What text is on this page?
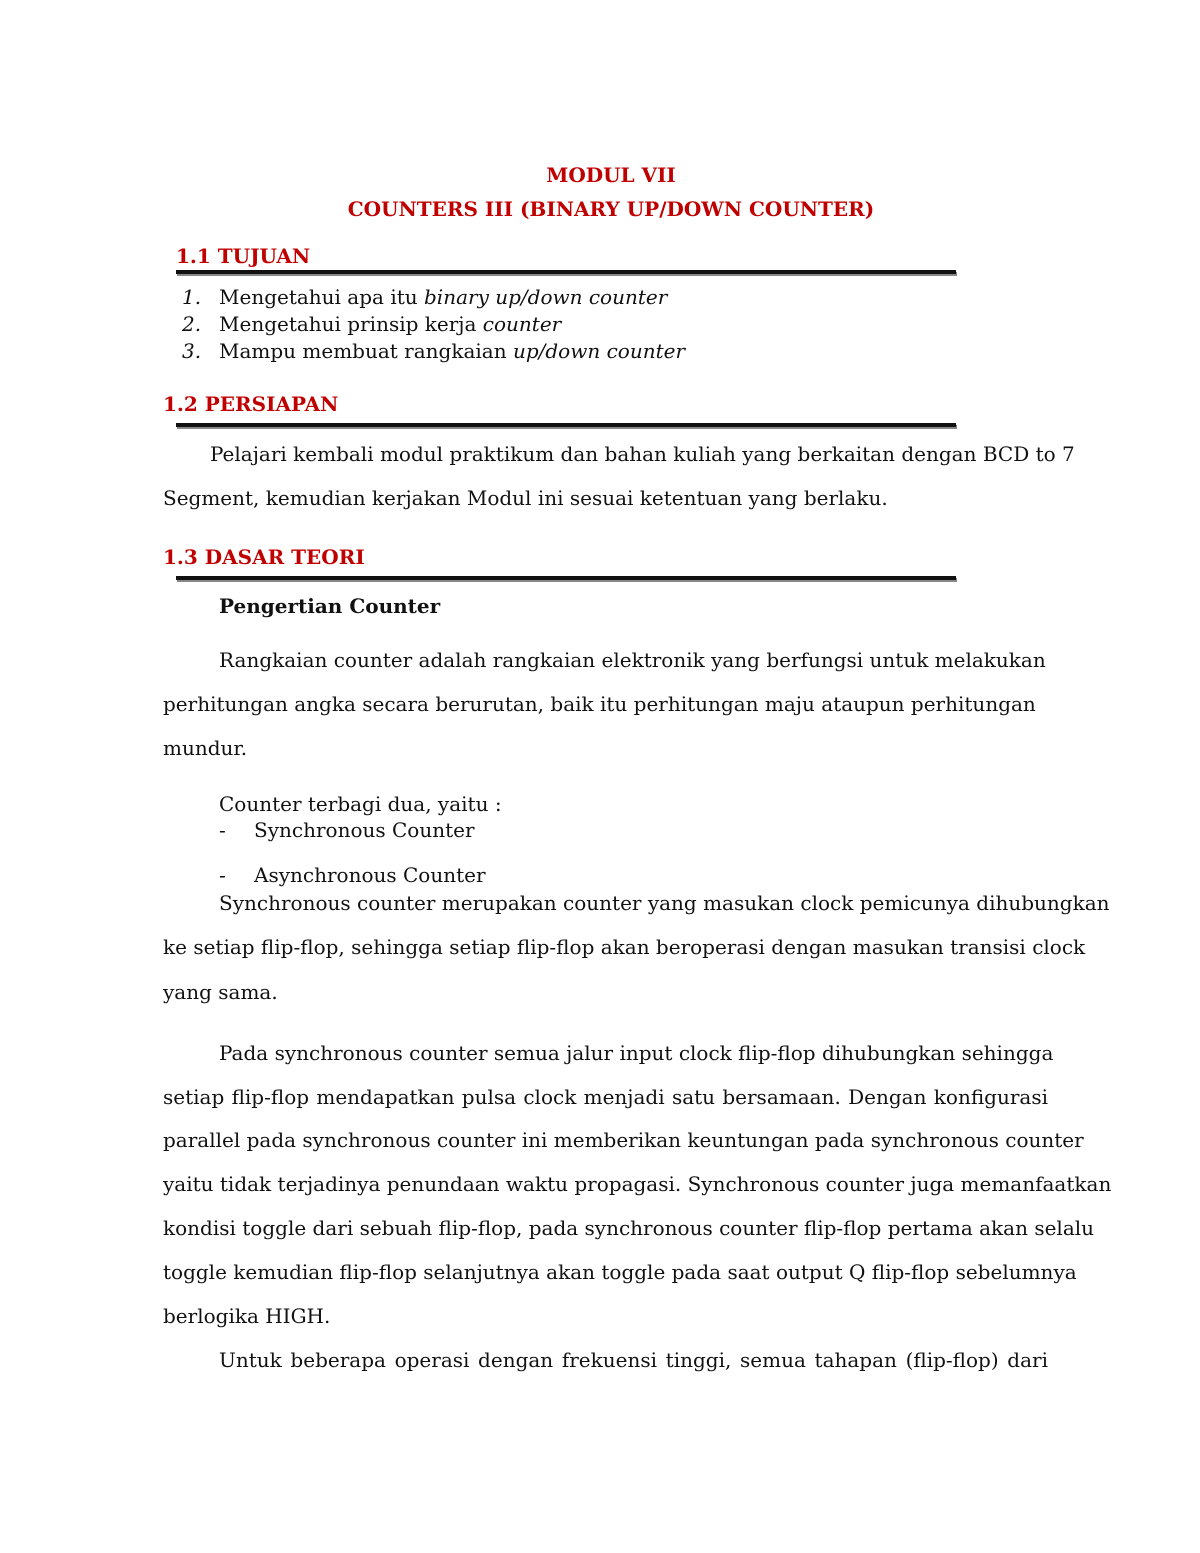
MODUL VII
COUNTERS III (BINARY UP/DOWN COUNTER)
1.1 TUJUAN
1. Mengetahui apa itu binary up/down counter
2. Mengetahui prinsip kerja counter
3. Mampu membuat rangkaian up/down counter
1.2 PERSIAPAN
Pelajari kembali modul praktikum dan bahan kuliah yang berkaitan dengan BCD to 7
Segment, kemudian kerjakan Modul ini sesuai ketentuan yang berlaku.
1.3 DASAR TEORI
Pengertian Counter
Rangkaian counter adalah rangkaian elektronik yang berfungsi untuk melakukan
perhitungan angka secara berurutan, baik itu perhitungan maju ataupun perhitungan
mundur.
Counter terbagi dua, yaitu :
- Synchronous Counter
- Asynchronous Counter
Synchronous counter merupakan counter yang masukan clock pemicunya dihubungkan
ke setiap flip-flop, sehingga setiap flip-flop akan beroperasi dengan masukan transisi clock
yang sama.
Pada synchronous counter semua jalur input clock flip-flop dihubungkan sehingga
setiap flip-flop mendapatkan pulsa clock menjadi satu bersamaan. Dengan konfigurasi
parallel pada synchronous counter ini memberikan keuntungan pada synchronous counter
yaitu tidak terjadinya penundaan waktu propagasi. Synchronous counter juga memanfaatkan
kondisi toggle dari sebuah flip-flop, pada synchronous counter flip-flop pertama akan selalu
toggle kemudian flip-flop selanjutnya akan toggle pada saat output Q flip-flop sebelumnya
berlogika HIGH.
Untuk beberapa operasi dengan frekuensi tinggi, semua tahapan (flip-flop) dari
